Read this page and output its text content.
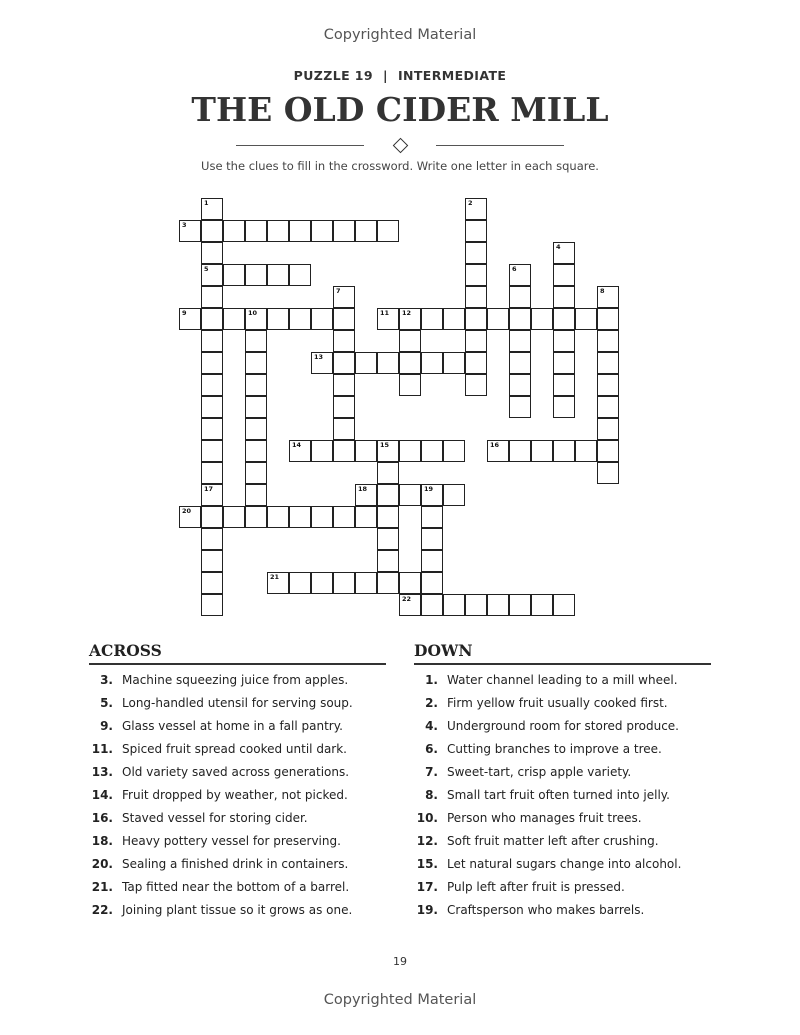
Copyrighted Material
PUZZLE 19 | INTERMEDIATE
THE OLD CIDER MILL
Use the clues to fill in the crossword. Write one letter in each square.
1
5
17
2
3
4
6
7	8
9	10	11 12
13
14	15	16
18	19
20
21
22
ACROSS	DOWN
3. Machine squeezing juice from apples.
5. Long-handled utensil for serving soup.
9. Glass vessel at home in a fall pantry.
11. Spiced fruit spread cooked until dark.
13. Old variety saved across generations.
14. Fruit dropped by weather, not picked.
16. Staved vessel for storing cider.
18. Heavy pottery vessel for preserving.
20. Sealing a finished drink in containers.
21. Tap fitted near the bottom of a barrel.
22. Joining plant tissue so it grows as one.
1. Water channel leading to a mill wheel.
2. Firm yellow fruit usually cooked first.
4. Underground room for stored produce.
6. Cutting branches to improve a tree.
7. Sweet-tart, crisp apple variety.
8. Small tart fruit often turned into jelly.
10. Person who manages fruit trees.
12. Soft fruit matter left after crushing.
15. Let natural sugars change into alcohol.
17. Pulp left after fruit is pressed.
19. Craftsperson who makes barrels.
19
Copyrighted Material
